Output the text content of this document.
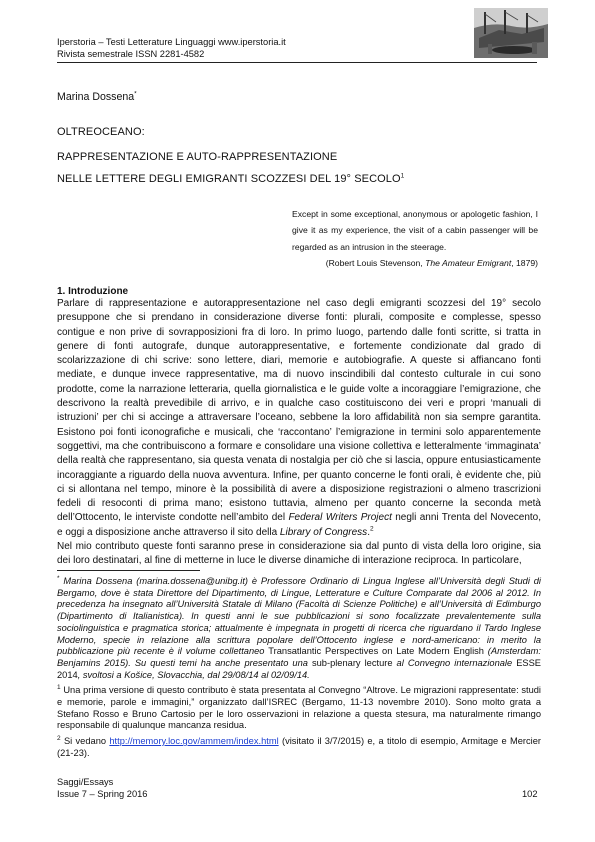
Iperstoria – Testi Letterature Linguaggi www.iperstoria.it
Rivista semestrale ISSN 2281-4582
Marina Dossena*
OLTREOCEANO:
RAPPRESENTAZIONE E AUTO-RAPPRESENTAZIONE
NELLE LETTERE DEGLI EMIGRANTI SCOZZESI DEL 19° SECOLO$^1$
Except in some exceptional, anonymous or apologetic fashion, I give it as my experience, the visit of a cabin passenger will be regarded as an intrusion in the steerage.
(Robert Louis Stevenson, The Amateur Emigrant, 1879)
1. Introduzione

Parlare di rappresentazione e autorappresentazione nel caso degli emigranti scozzesi del 19° secolo presuppone che si prendano in considerazione diverse fonti: plurali, composite e complesse, spesso contigue e non prive di sovrapposizioni fra di loro. In primo luogo, partendo dalle fonti scritte, si tratta in genere di fonti autografe, dunque autorappresentative, e fortemente condizionate dal grado di scolarizzazione di chi scrive: sono lettere, diari, memorie e autobiografie. A queste si affiancano fonti mediate, e dunque invece rappresentative, ma di nuovo inscindibili dal contesto culturale in cui sono prodotte, come la narrazione letteraria, quella giornalistica e le guide volte a incoraggiare l’emigrazione, che descrivono la realtà prevedibile di arrivo, e in qualche caso costituiscono dei veri e propri ‘manuali di istruzioni’ per chi si accinge a attraversare l’oceano, sebbene la loro affidabilità non sia sempre garantita. Esistono poi fonti iconografiche e musicali, che ‘raccontano’ l’emigrazione in termini solo apparentemente soggettivi, ma che contribuiscono a formare e consolidare una visione collettiva e letteralmente ‘immaginata’ della realtà che rappresentano, sia questa venata di nostalgia per ciò che si lascia, oppure entusiasticamente incoraggiante a riguardo della nuova avventura. Infine, per quanto concerne le fonti orali, è evidente che, più ci si allontana nel tempo, minore è la possibilità di avere a disposizione registrazioni o almeno trascrizioni fedeli di resoconti di prima mano; esistono tuttavia, almeno per quanto concerne la seconda metà dell’Ottocento, le interviste condotte nell’ambito del Federal Writers Project negli anni Trenta del Novecento, e oggi a disposizione anche attraverso il sito della Library of Congress.$^2$

Nel mio contributo queste fonti saranno prese in considerazione sia dal punto di vista della loro origine, sia dei loro destinatari, al fine di metterne in luce le diverse dinamiche di interazione reciproca. In particolare,

* Marina Dossena (marina.dossena@unibg.it) è Professore Ordinario di Lingua Inglese all’Università degli Studi di Bergamo, dove è stata Direttore del Dipartimento, di Lingue, Letterature e Culture Comparate dal 2006 al 2012. In precedenza ha insegnato all’Università Statale di Milano (Facoltà di Scienze Politiche) e all’Università di Edimburgo (Dipartimento di Italianistica). In questi anni le sue pubblicazioni si sono focalizzate prevalentemente sulla sociolinguistica e pragmatica storica; attualmente è impegnata in progetti di ricerca che riguardano il Tardo Inglese Moderno, specie in relazione alla scrittura popolare dell’Ottocento inglese e nord-americano: in merito la pubblicazione più recente è il volume collettaneo Transatlantic Perspectives on Late Modern English (Amsterdam: Benjamins 2015). Su questi temi ha anche presentato una sub-plenary lecture al Convegno internazionale ESSE 2014, svoltosi a Košice, Slovacchia, dal 29/08/14 al 02/09/14.

$^1$ Una prima versione di questo contributo è stata presentata al Convegno “Altrove. Le migrazioni rappresentate: studi e memorie, parole e immagini,” organizzato dall’ISREC (Bergamo, 11-13 novembre 2010). Sono molto grata a Stefano Rosso e Bruno Cartosio per le loro osservazioni in relazione a questa stesura, ma naturalmente rimango responsabile di qualunque mancanza residua.

$^2$ Si vedano http://memory.loc.gov/ammem/index.html (visitato il 3/7/2015) e, a titolo di esempio, Armitage e Mercier (21-23).

Saggi/Essays
Issue 7 – Spring 2016	102
